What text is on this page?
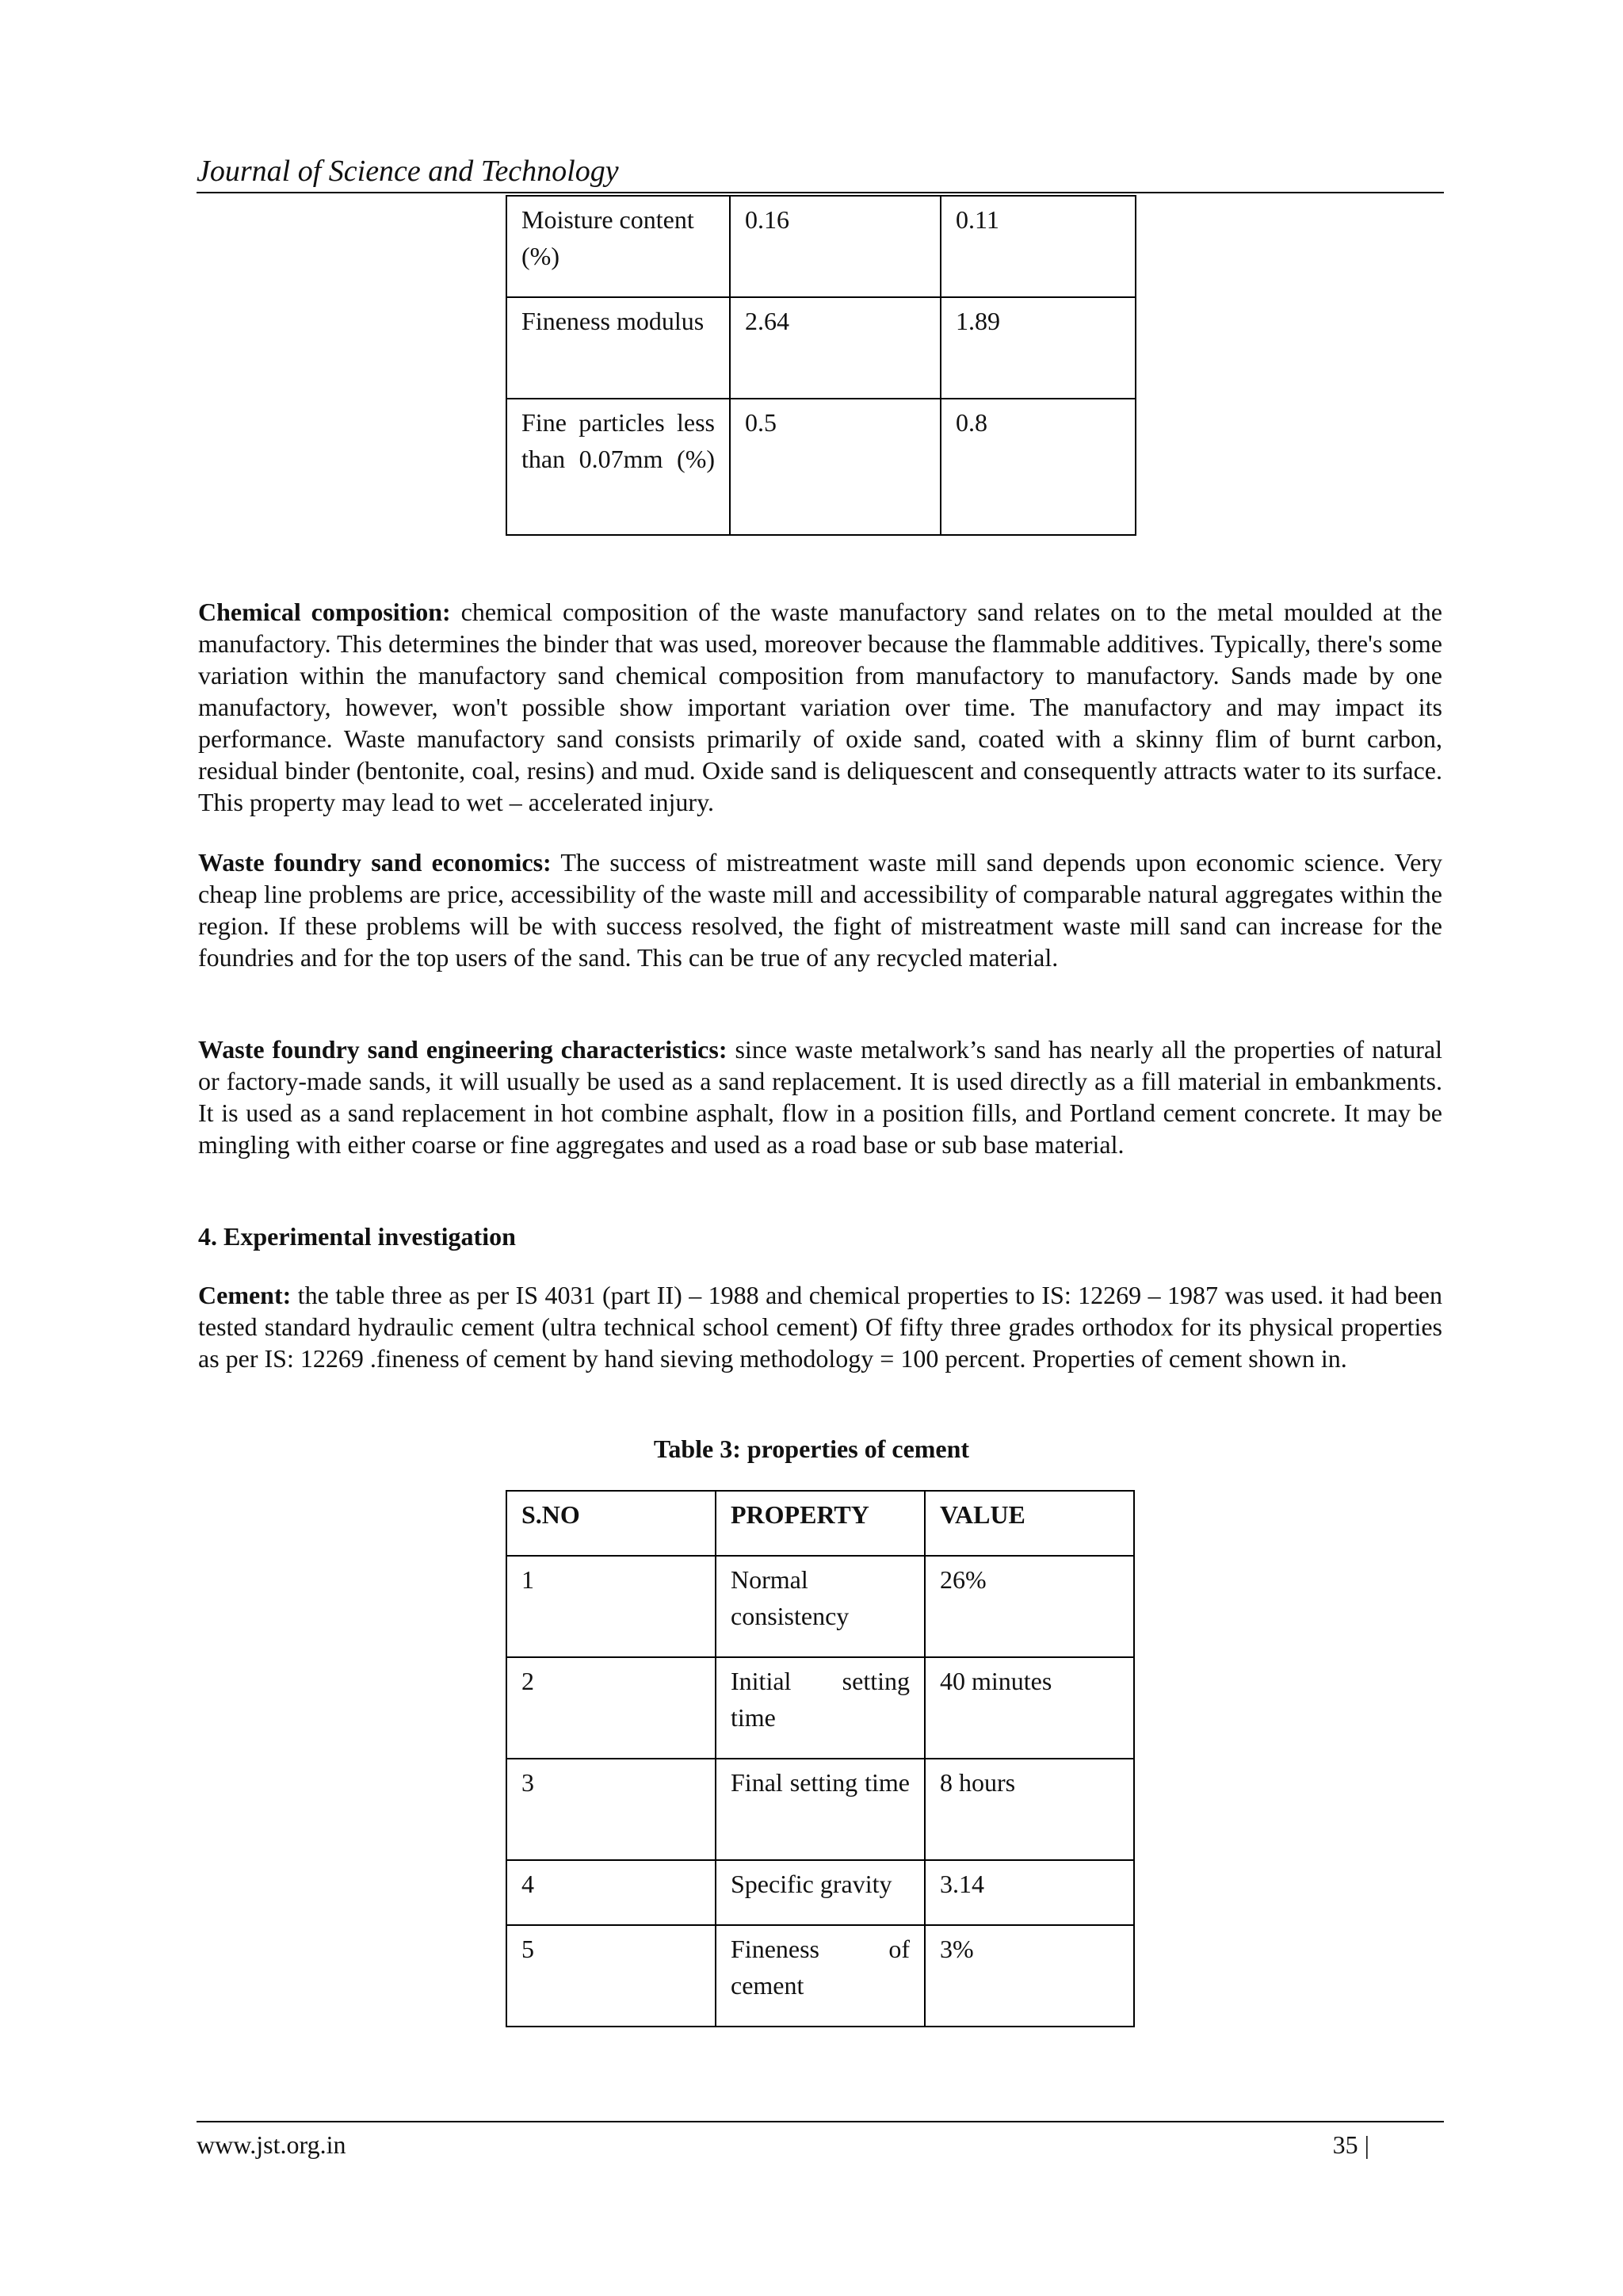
Journal of Science and Technology
Moisture content (%)	0.16	0.11
Fineness modulus	2.64	1.89
Fine particles less than 0.07mm (%)	0.5	0.8
Chemical composition: chemical composition of the waste manufactory sand relates on to the metal moulded at the manufactory. This determines the binder that was used, moreover because the flammable additives. Typically, there's some variation within the manufactory sand chemical composition from manufactory to manufactory. Sands made by one manufactory, however, won't possible show important variation over time. The manufactory and may impact its performance. Waste manufactory sand consists primarily of oxide sand, coated with a skinny flim of burnt carbon, residual binder (bentonite, coal, resins) and mud. Oxide sand is deliquescent and consequently attracts water to its surface. This property may lead to wet – accelerated injury.
Waste foundry sand economics: The success of mistreatment waste mill sand depends upon economic science. Very cheap line problems are price, accessibility of the waste mill and accessibility of comparable natural aggregates within the region. If these problems will be with success resolved, the fight of mistreatment waste mill sand can increase for the foundries and for the top users of the sand. This can be true of any recycled material.
Waste foundry sand engineering characteristics: since waste metalwork’s sand has nearly all the properties of natural or factory-made sands, it will usually be used as a sand replacement. It is used directly as a fill material in embankments. It is used as a sand replacement in hot combine asphalt, flow in a position fills, and Portland cement concrete. It may be mingling with either coarse or fine aggregates and used as a road base or sub base material.
4. Experimental investigation
Cement: the table three as per IS 4031 (part II) – 1988 and chemical properties to IS: 12269 – 1987 was used. it had been tested standard hydraulic cement (ultra technical school cement) Of fifty three grades orthodox for its physical properties as per IS: 12269 .fineness of cement by hand sieving methodology = 100 percent. Properties of cement shown in.
Table 3: properties of cement
S.NO	PROPERTY	VALUE
1	Normal consistency	26%
2	Initial setting time	40 minutes
3	Final setting time	8 hours
4	Specific gravity	3.14
5	Fineness of cement	3%
www.jst.org.in	35 |
